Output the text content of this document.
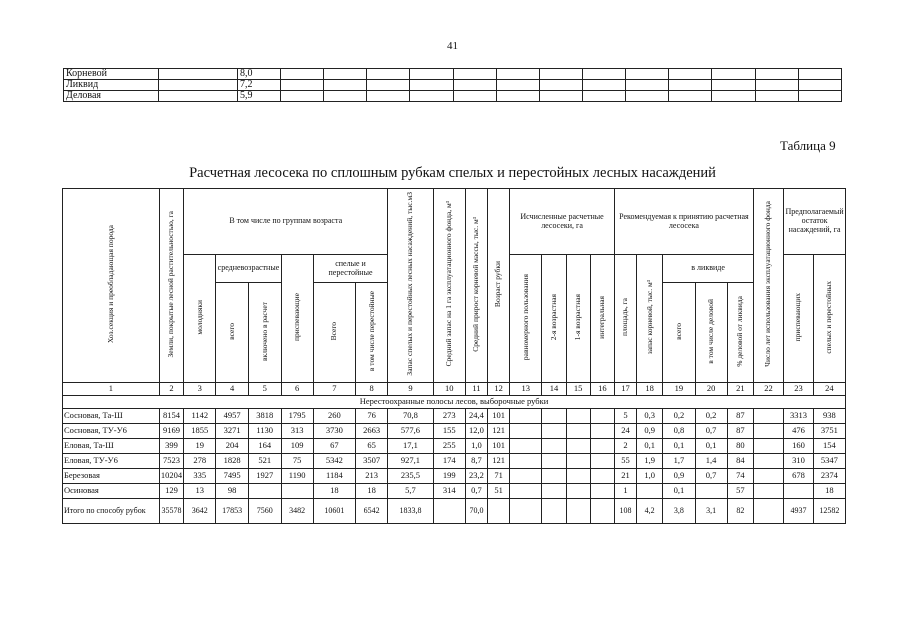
41
Корневой		8,0													
Ликвид		7,2													
Деловая		5,9													
Таблица 9
Расчетная лесосека по сплошным рубкам спелых и перестойных лесных насаждений
Хоз.секция и преобладающая порода	Земли, покрытые лесной растительностью, га	В том числе по группам возраста						Запас спелых и перестойных лесных насаждений, тыс.м3	Средний запас на 1 га эксплуатационного фонда, м³	Средний прирост корневой массы, тыс. м³	Возраст рубки	Исчисленные расчетные лесосеки, га				Рекомендуемая к принятию расчетная лесосека					Число лет использования эксплуатационного фонда	Предполагаемый остаток насаждений, га	
		молодняки	средневозрастные		приспевающие	спелые и перестойные						равномерного пользования	2-я возрастная	1-я возрастная	интегральная	площадь, га	запас корневой, тыс. м³	в ликвиде				приспевающих	спелых и перестойных
			всего	включено в расчет		Всего	в том числе перестойные											всего	в том числе деловой	% деловой от ликвида			
1	2	3	4	5	6	7	8	9	10	11	12	13	14	15	16	17	18	19	20	21	22	23	24
Нерестоохранные полосы лесов, выборочные рубки																							
Сосновая, Та-Ш	8154	1142	4957	3818	1795	260	76	70,8	273	24,4	101					5	0,3	0,2	0,2	87		3313	938
Сосновая, ТУ-У6	9169	1855	3271	1130	313	3730	2663	577,6	155	12,0	121					24	0,9	0,8	0,7	87		476	3751
Еловая, Та-Ш	399	19	204	164	109	67	65	17,1	255	1,0	101					2	0,1	0,1	0,1	80		160	154
Еловая, ТУ-У6	7523	278	1828	521	75	5342	3507	927,1	174	8,7	121					55	1,9	1,7	1,4	84		310	5347
Березовая	10204	335	7495	1927	1190	1184	213	235,5	199	23,2	71					21	1,0	0,9	0,7	74		678	2374
Осиновая	129	13	98			18	18	5,7	314	0,7	51					1		0,1		57			18
Итого по способу рубок	35578	3642	17853	7560	3482	10601	6542	1833,8		70,0						108	4,2	3,8	3,1	82		4937	12582
